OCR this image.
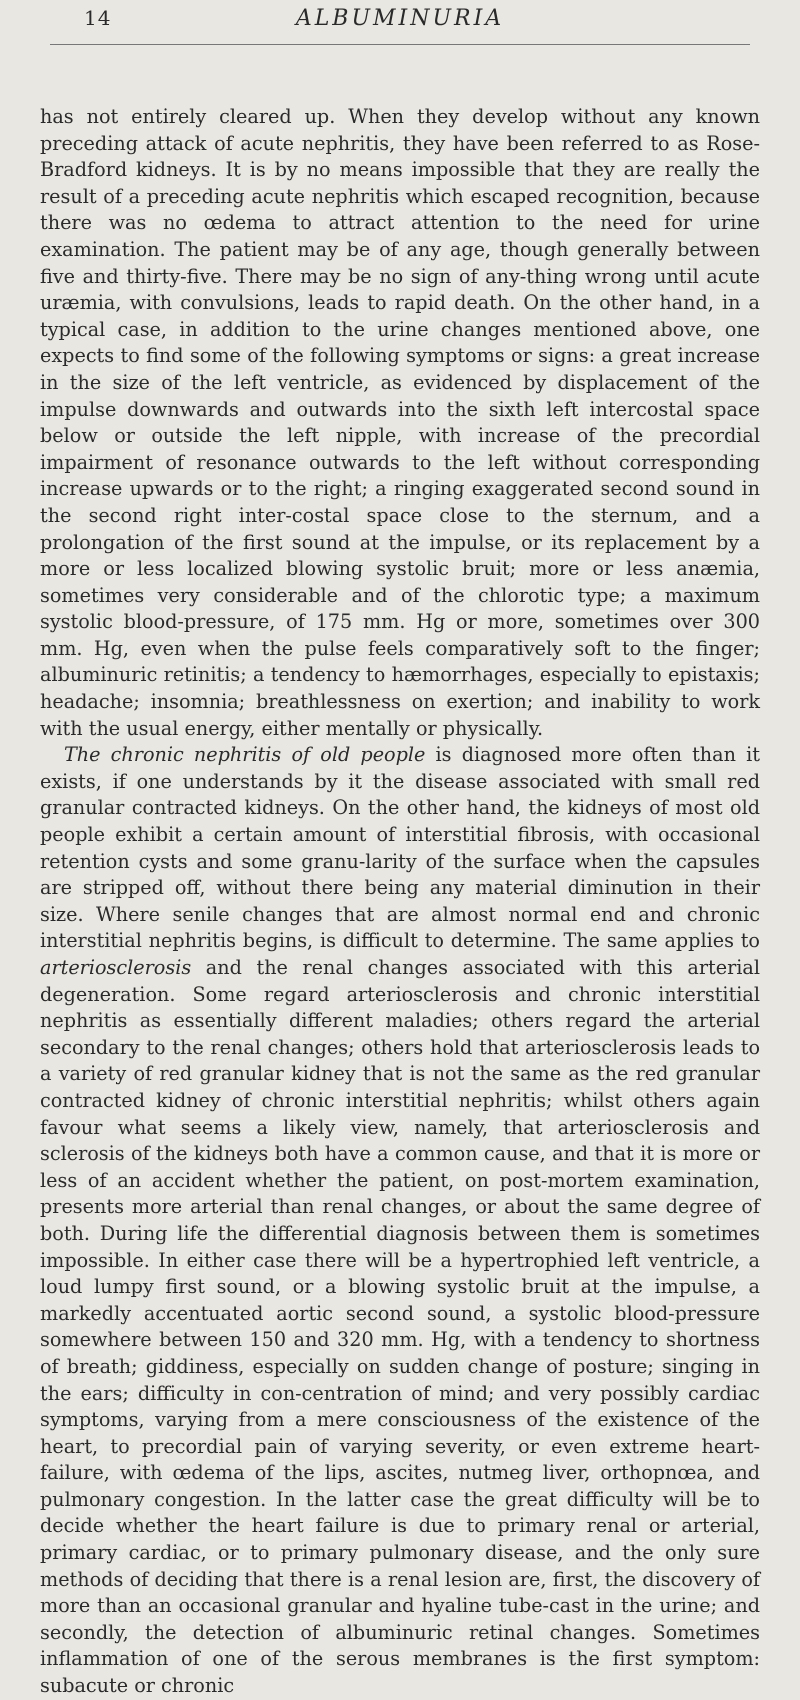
14	ALBUMINURIA

has not entirely cleared up. When they develop without any known preceding attack of acute nephritis, they have been referred to as Rose-Bradford kidneys. It is by no means impossible that they are really the result of a preceding acute nephritis which escaped recognition, because there was no œdema to attract attention to the need for urine examination. The patient may be of any age, though generally between five and thirty-five. There may be no sign of any-thing wrong until acute uræmia, with convulsions, leads to rapid death. On the other hand, in a typical case, in addition to the urine changes mentioned above, one expects to find some of the following symptoms or signs: a great increase in the size of the left ventricle, as evidenced by displacement of the impulse downwards and outwards into the sixth left intercostal space below or outside the left nipple, with increase of the precordial impairment of resonance outwards to the left without corresponding increase upwards or to the right; a ringing exaggerated second sound in the second right inter-costal space close to the sternum, and a prolongation of the first sound at the impulse, or its replacement by a more or less localized blowing systolic bruit; more or less anæmia, sometimes very considerable and of the chlorotic type; a maximum systolic blood-pressure, of 175 mm. Hg or more, sometimes over 300 mm. Hg, even when the pulse feels comparatively soft to the finger; albuminuric retinitis; a tendency to hæmorrhages, especially to epistaxis; headache; insomnia; breathlessness on exertion; and inability to work with the usual energy, either mentally or physically.

The chronic nephritis of old people is diagnosed more often than it exists, if one understands by it the disease associated with small red granular contracted kidneys. On the other hand, the kidneys of most old people exhibit a certain amount of interstitial fibrosis, with occasional retention cysts and some granu-larity of the surface when the capsules are stripped off, without there being any material diminution in their size. Where senile changes that are almost normal end and chronic interstitial nephritis begins, is difficult to determine. The same applies to arteriosclerosis and the renal changes associated with this arterial degeneration. Some regard arteriosclerosis and chronic interstitial nephritis as essentially different maladies; others regard the arterial secondary to the renal changes; others hold that arteriosclerosis leads to a variety of red granular kidney that is not the same as the red granular contracted kidney of chronic interstitial nephritis; whilst others again favour what seems a likely view, namely, that arteriosclerosis and sclerosis of the kidneys both have a common cause, and that it is more or less of an accident whether the patient, on post-mortem examination, presents more arterial than renal changes, or about the same degree of both. During life the differential diagnosis between them is sometimes impossible. In either case there will be a hypertrophied left ventricle, a loud lumpy first sound, or a blowing systolic bruit at the impulse, a markedly accentuated aortic second sound, a systolic blood-pressure somewhere between 150 and 320 mm. Hg, with a tendency to shortness of breath; giddiness, especially on sudden change of posture; singing in the ears; difficulty in con-centration of mind; and very possibly cardiac symptoms, varying from a mere consciousness of the existence of the heart, to precordial pain of varying severity, or even extreme heart-failure, with œdema of the lips, ascites, nutmeg liver, orthopnœa, and pulmonary congestion. In the latter case the great difficulty will be to decide whether the heart failure is due to primary renal or arterial, primary cardiac, or to primary pulmonary disease, and the only sure methods of deciding that there is a renal lesion are, first, the discovery of more than an occasional granular and hyaline tube-cast in the urine; and secondly, the detection of albuminuric retinal changes. Sometimes inflammation of one of the serous membranes is the first symptom: subacute or chronic
